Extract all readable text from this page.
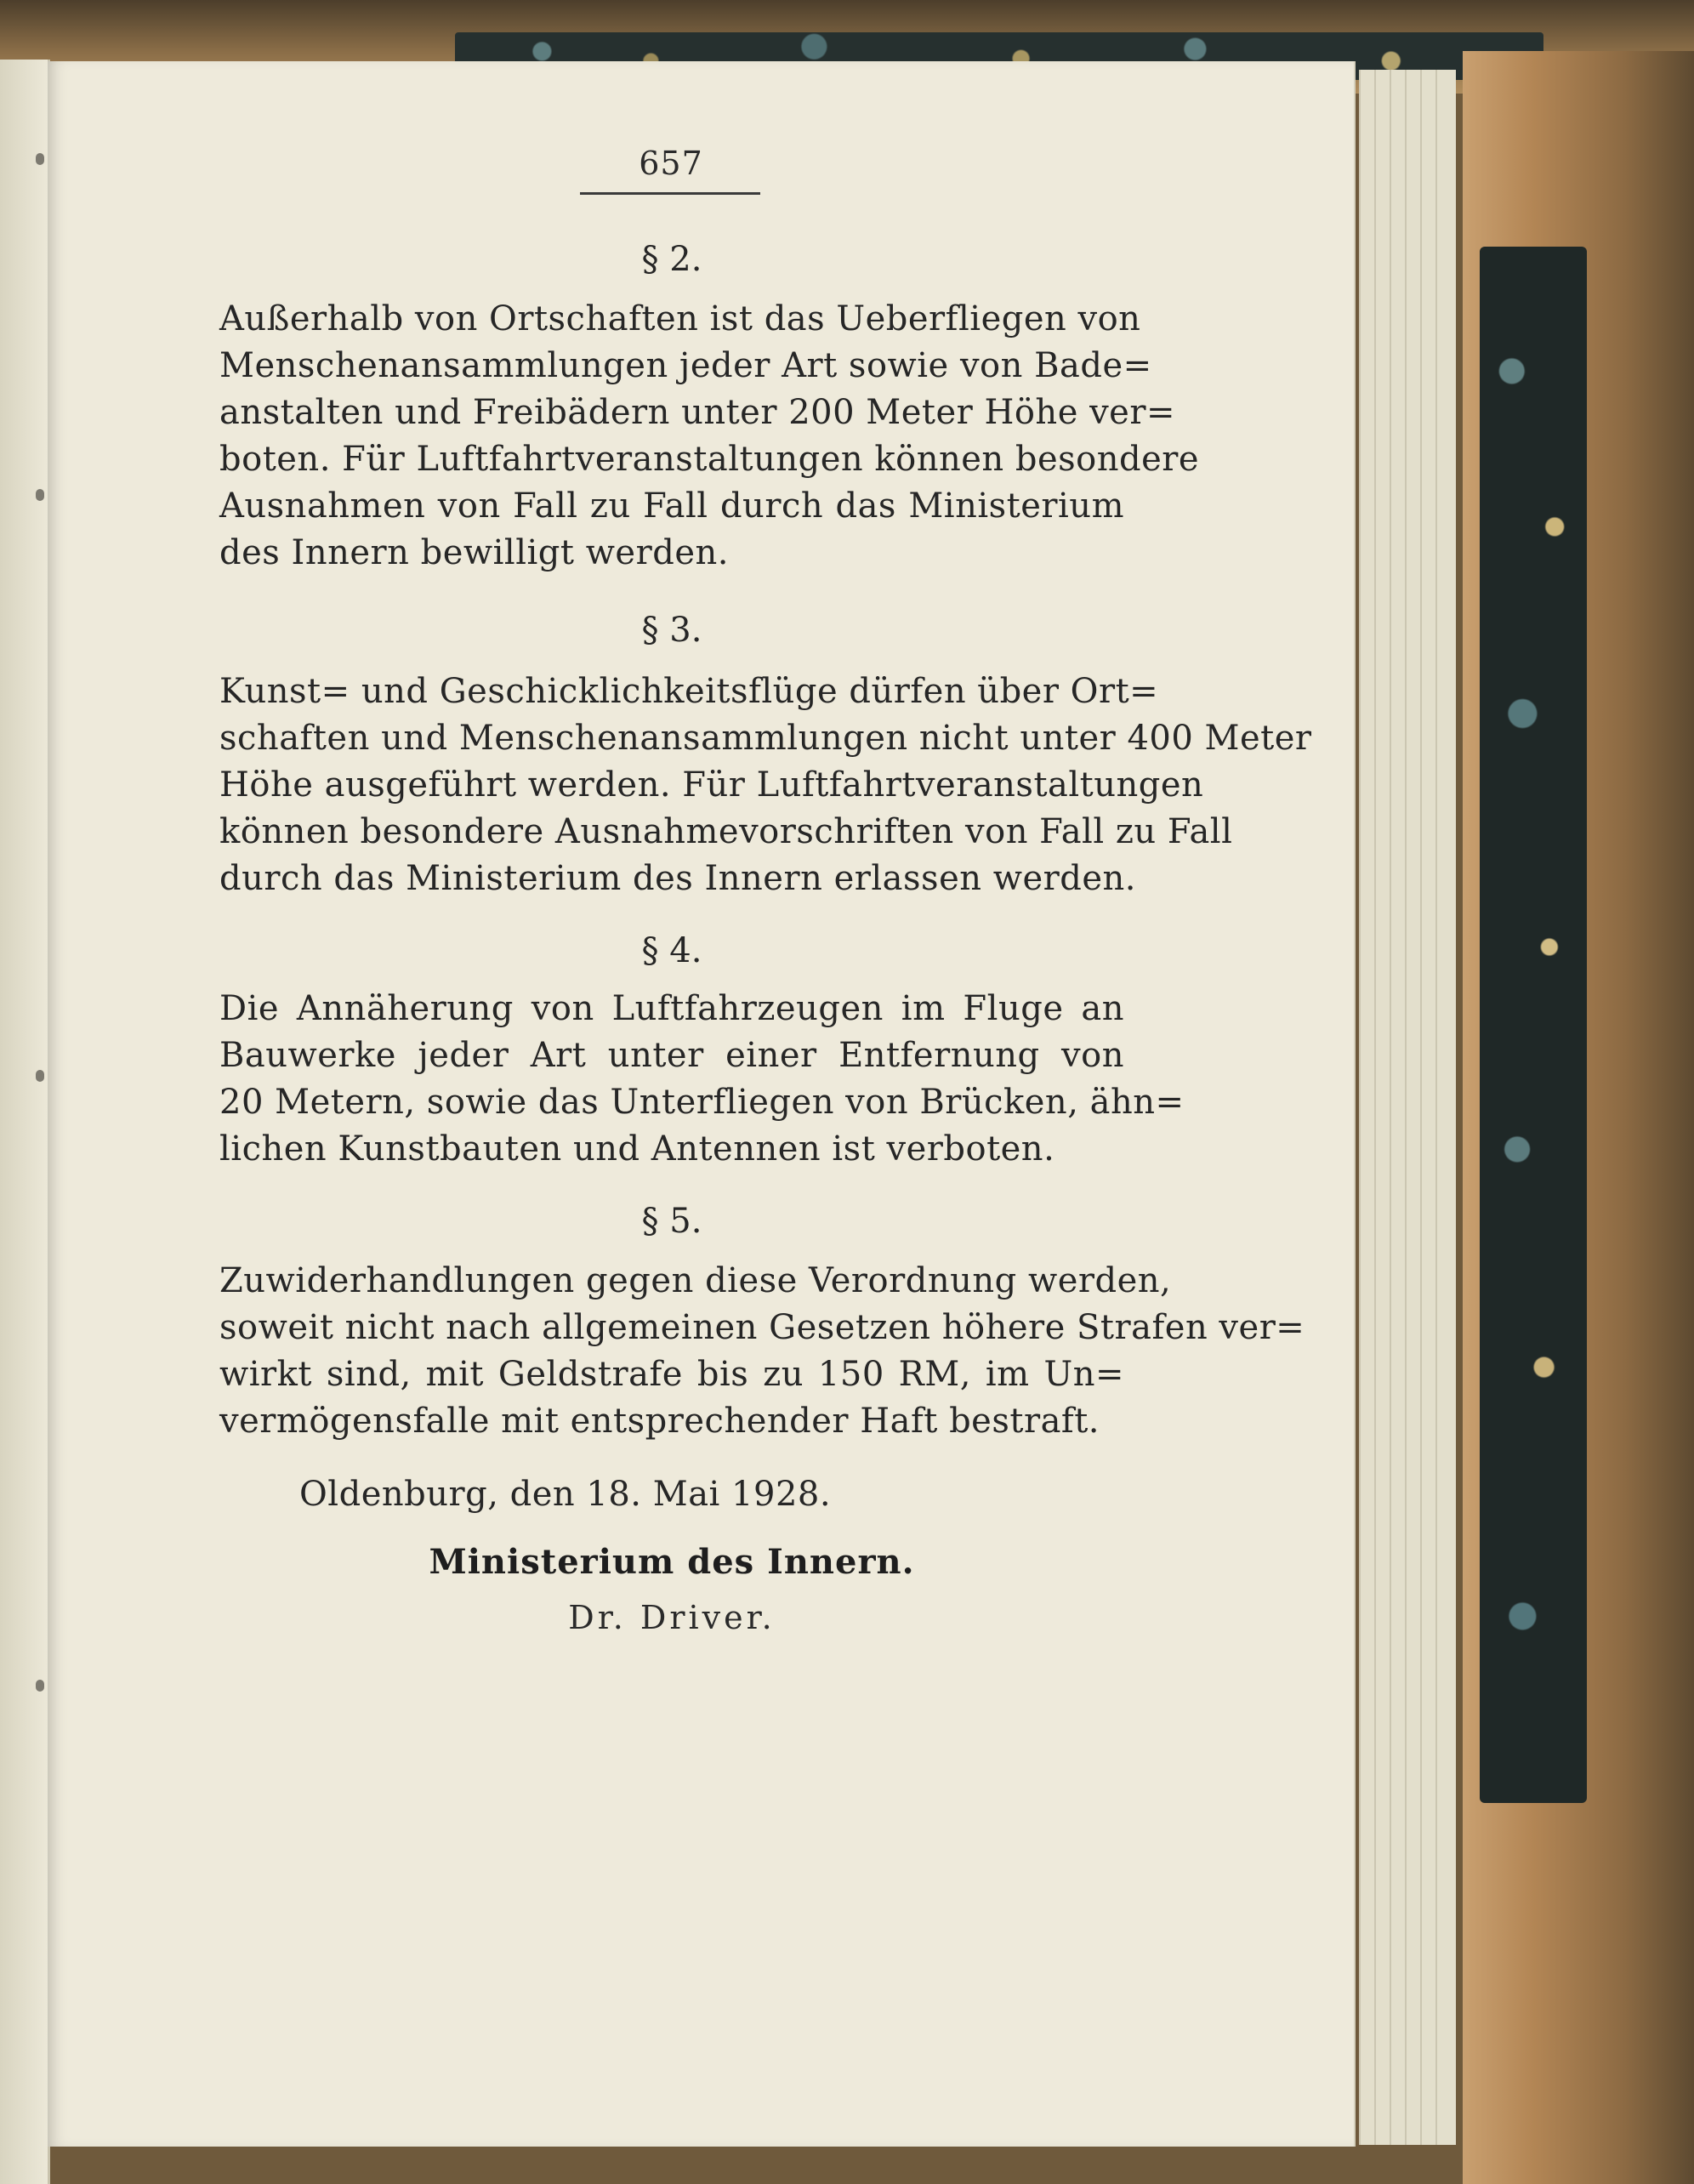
657
§ 2.
Außerhalb von Ortschaften ist das Ueberfliegen von
Menschenansammlungen jeder Art sowie von Bade=
anstalten und Freibädern unter 200 Meter Höhe ver=
boten. Für Luftfahrtveranstaltungen können besondere
Ausnahmen von Fall zu Fall durch das Ministerium
des Innern bewilligt werden.
§ 3.
Kunst= und Geschicklichkeitsflüge dürfen über Ort=
schaften und Menschenansammlungen nicht unter 400 Meter
Höhe ausgeführt werden. Für Luftfahrtveranstaltungen
können besondere Ausnahmevorschriften von Fall zu Fall
durch das Ministerium des Innern erlassen werden.
§ 4.
Die Annäherung von Luftfahrzeugen im Fluge an
Bauwerke jeder Art unter einer Entfernung von
20 Metern, sowie das Unterfliegen von Brücken, ähn=
lichen Kunstbauten und Antennen ist verboten.
§ 5.
Zuwiderhandlungen gegen diese Verordnung werden,
soweit nicht nach allgemeinen Gesetzen höhere Strafen ver=
wirkt sind, mit Geldstrafe bis zu 150 RM, im Un=
vermögensfalle mit entsprechender Haft bestraft.
Oldenburg, den 18. Mai 1928.
Ministerium des Innern.
Dr. Driver.
